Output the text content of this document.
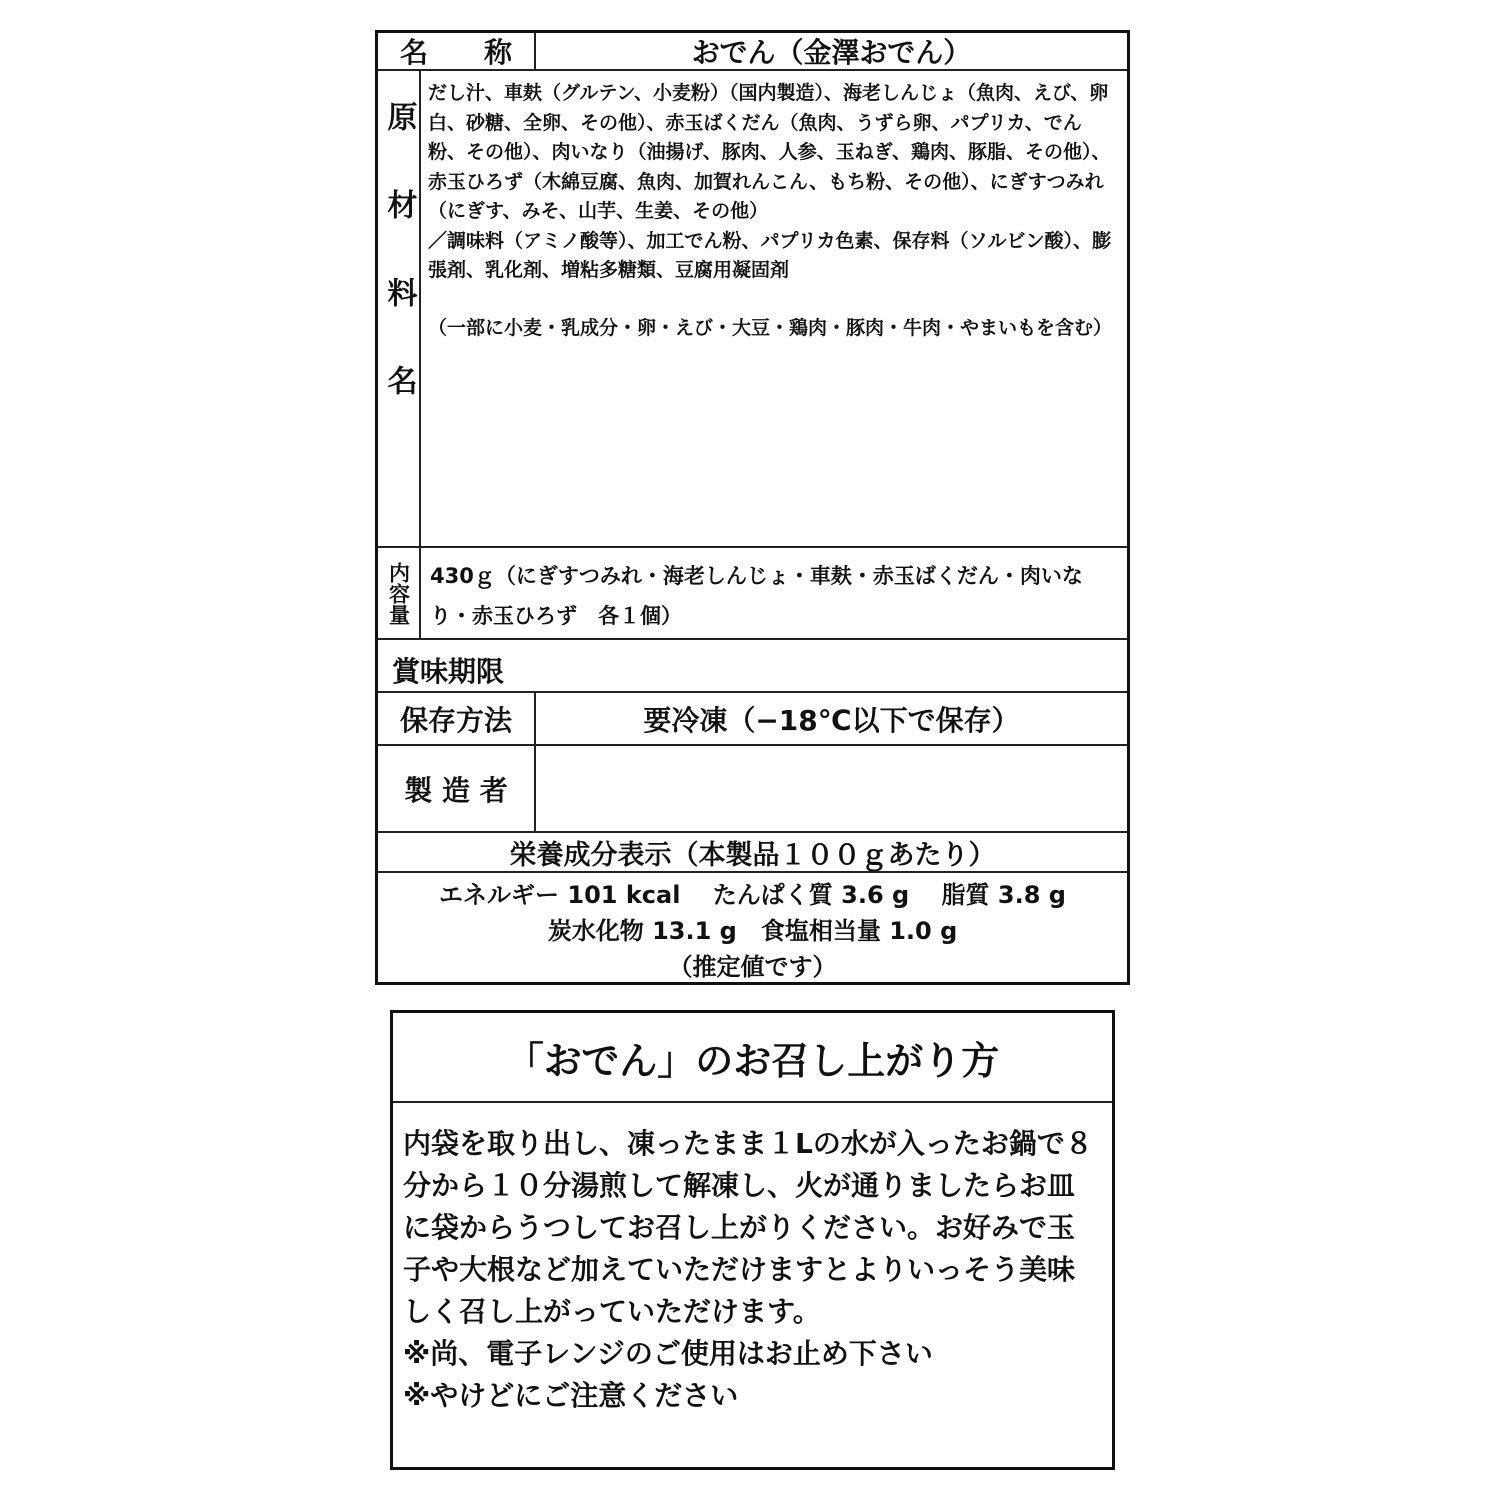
名　　称	おでん（金澤おでん）
原材料名

だし汁、車麸（グルテン、小麦粉）（国内製造）、海老しんじょ（魚肉、えび、卵白、砂糖、全卵、その他）、赤玉ばくだん（魚肉、うずら卵、パプリカ、でん粉、その他）、肉いなり（油揚げ、豚肉、人参、玉ねぎ、鶏肉、豚脂、その他）、赤玉ひろず（木綿豆腐、魚肉、加賀れんこん、もち粉、その他）、にぎすつみれ（にぎす、みそ、山芋、生姜、その他）

／調味料（アミノ酸等）、加工でん粉、パプリカ色素、保存料（ソルビン酸）、膨張剤、乳化剤、増粘多糖類、豆腐用凝固剤

（一部に小麦・乳成分・卵・えび・大豆・鶏肉・豚肉・牛肉・やまいもを含む）

内容量 430ｇ（にぎすつみれ・海老しんじょ・車麸・赤玉ばくだん・肉いなり・赤玉ひろず　各１個）
賞味期限
保存方法	要冷凍（−18℃以下で保存）
製 造 者
栄養成分表示（本製品１００ｇあたり）
エネルギー 101 kcal　 たんぱく質 3.6 g　 脂質 3.8 g
炭水化物 13.1 g　食塩相当量 1.0 g
（推定値です）
「おでん」のお召し上がり方
内袋を取り出し、凍ったまま１Lの水が入ったお鍋で８分から１０分湯煎して解凍し、火が通りましたらお皿に袋からうつしてお召し上がりください。お好みで玉子や大根など加えていただけますとよりいっそう美味しく召し上がっていただけます。
※尚、電子レンジのご使用はお止め下さい
※やけどにご注意ください
